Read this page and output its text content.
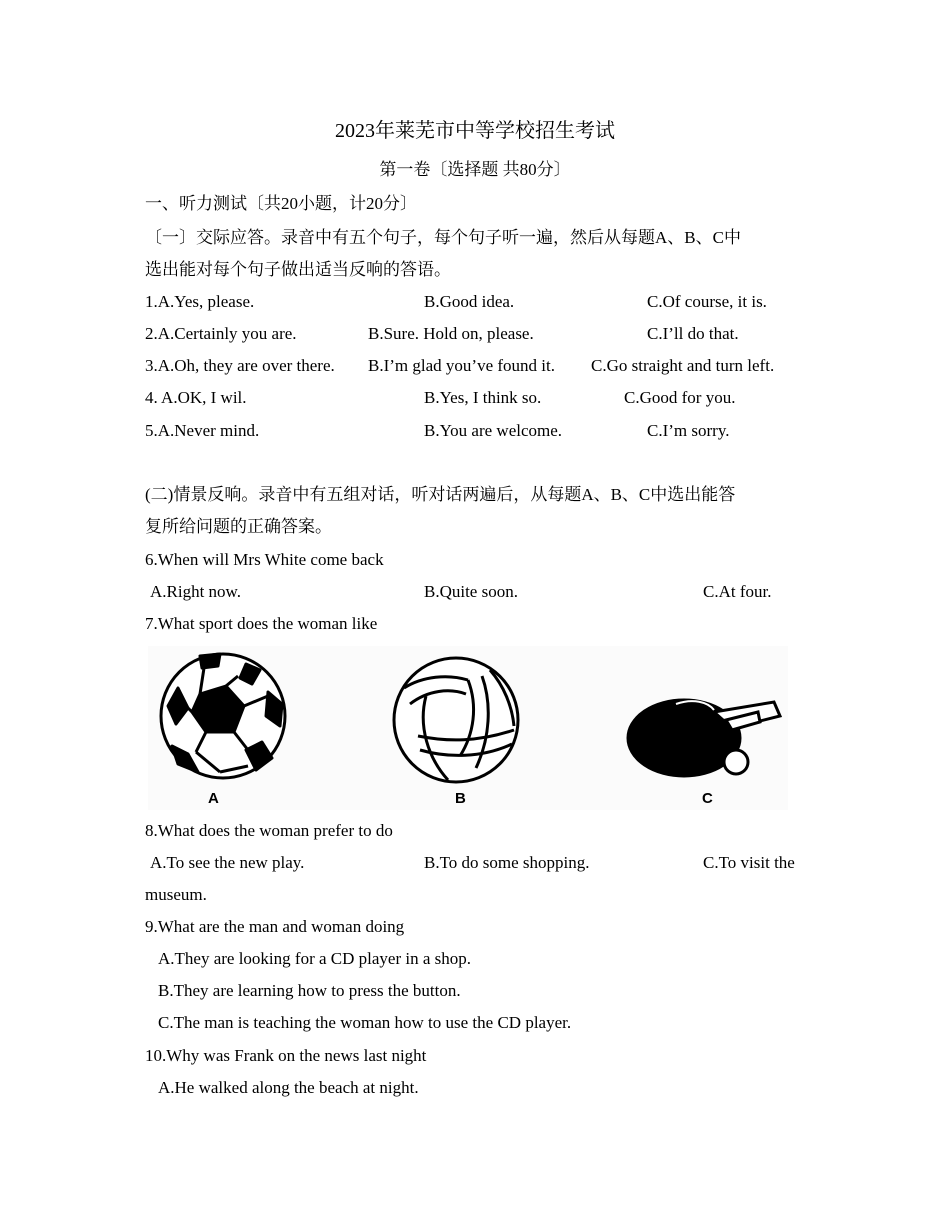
2023年莱芜市中等学校招生考试
第一卷〔选择题 共80分〕
一、听力测试〔共20小题，计20分〕
〔一〕交际应答。录音中有五个句子，每个句子听一遍，然后从每题A、B、C中
选出能对每个句子做出适当反响的答语。
1.A.Yes, please.	B.Good idea.	C.Of course, it is.
2.A.Certainly you are.	B.Sure. Hold on, please.	C.I’ll do that.
3.A.Oh, they are over there. B.I’m glad you’ve found it. C.Go straight and turn left.
4. A.OK, I wil.	B.Yes, I think so.	C.Good for you.
5.A.Never mind.	B.You are welcome.	C.I’m sorry.
(二)情景反响。录音中有五组对话，听对话两遍后，从每题A、B、C中选出能答
复所给问题的正确答案。
6.When will Mrs White come back
A.Right now.	B.Quite soon.	C.At four.
7.What sport does the woman like
A	B	C
8.What does the woman prefer to do
A.To see the new play.	B.To do some shopping.	C.To visit the
museum.
9.What are the man and woman doing
A.They are looking for a CD player in a shop.
B.They are learning how to press the button.
C.The man is teaching the woman how to use the CD player.
10.Why was Frank on the news last night
A.He walked along the beach at night.
